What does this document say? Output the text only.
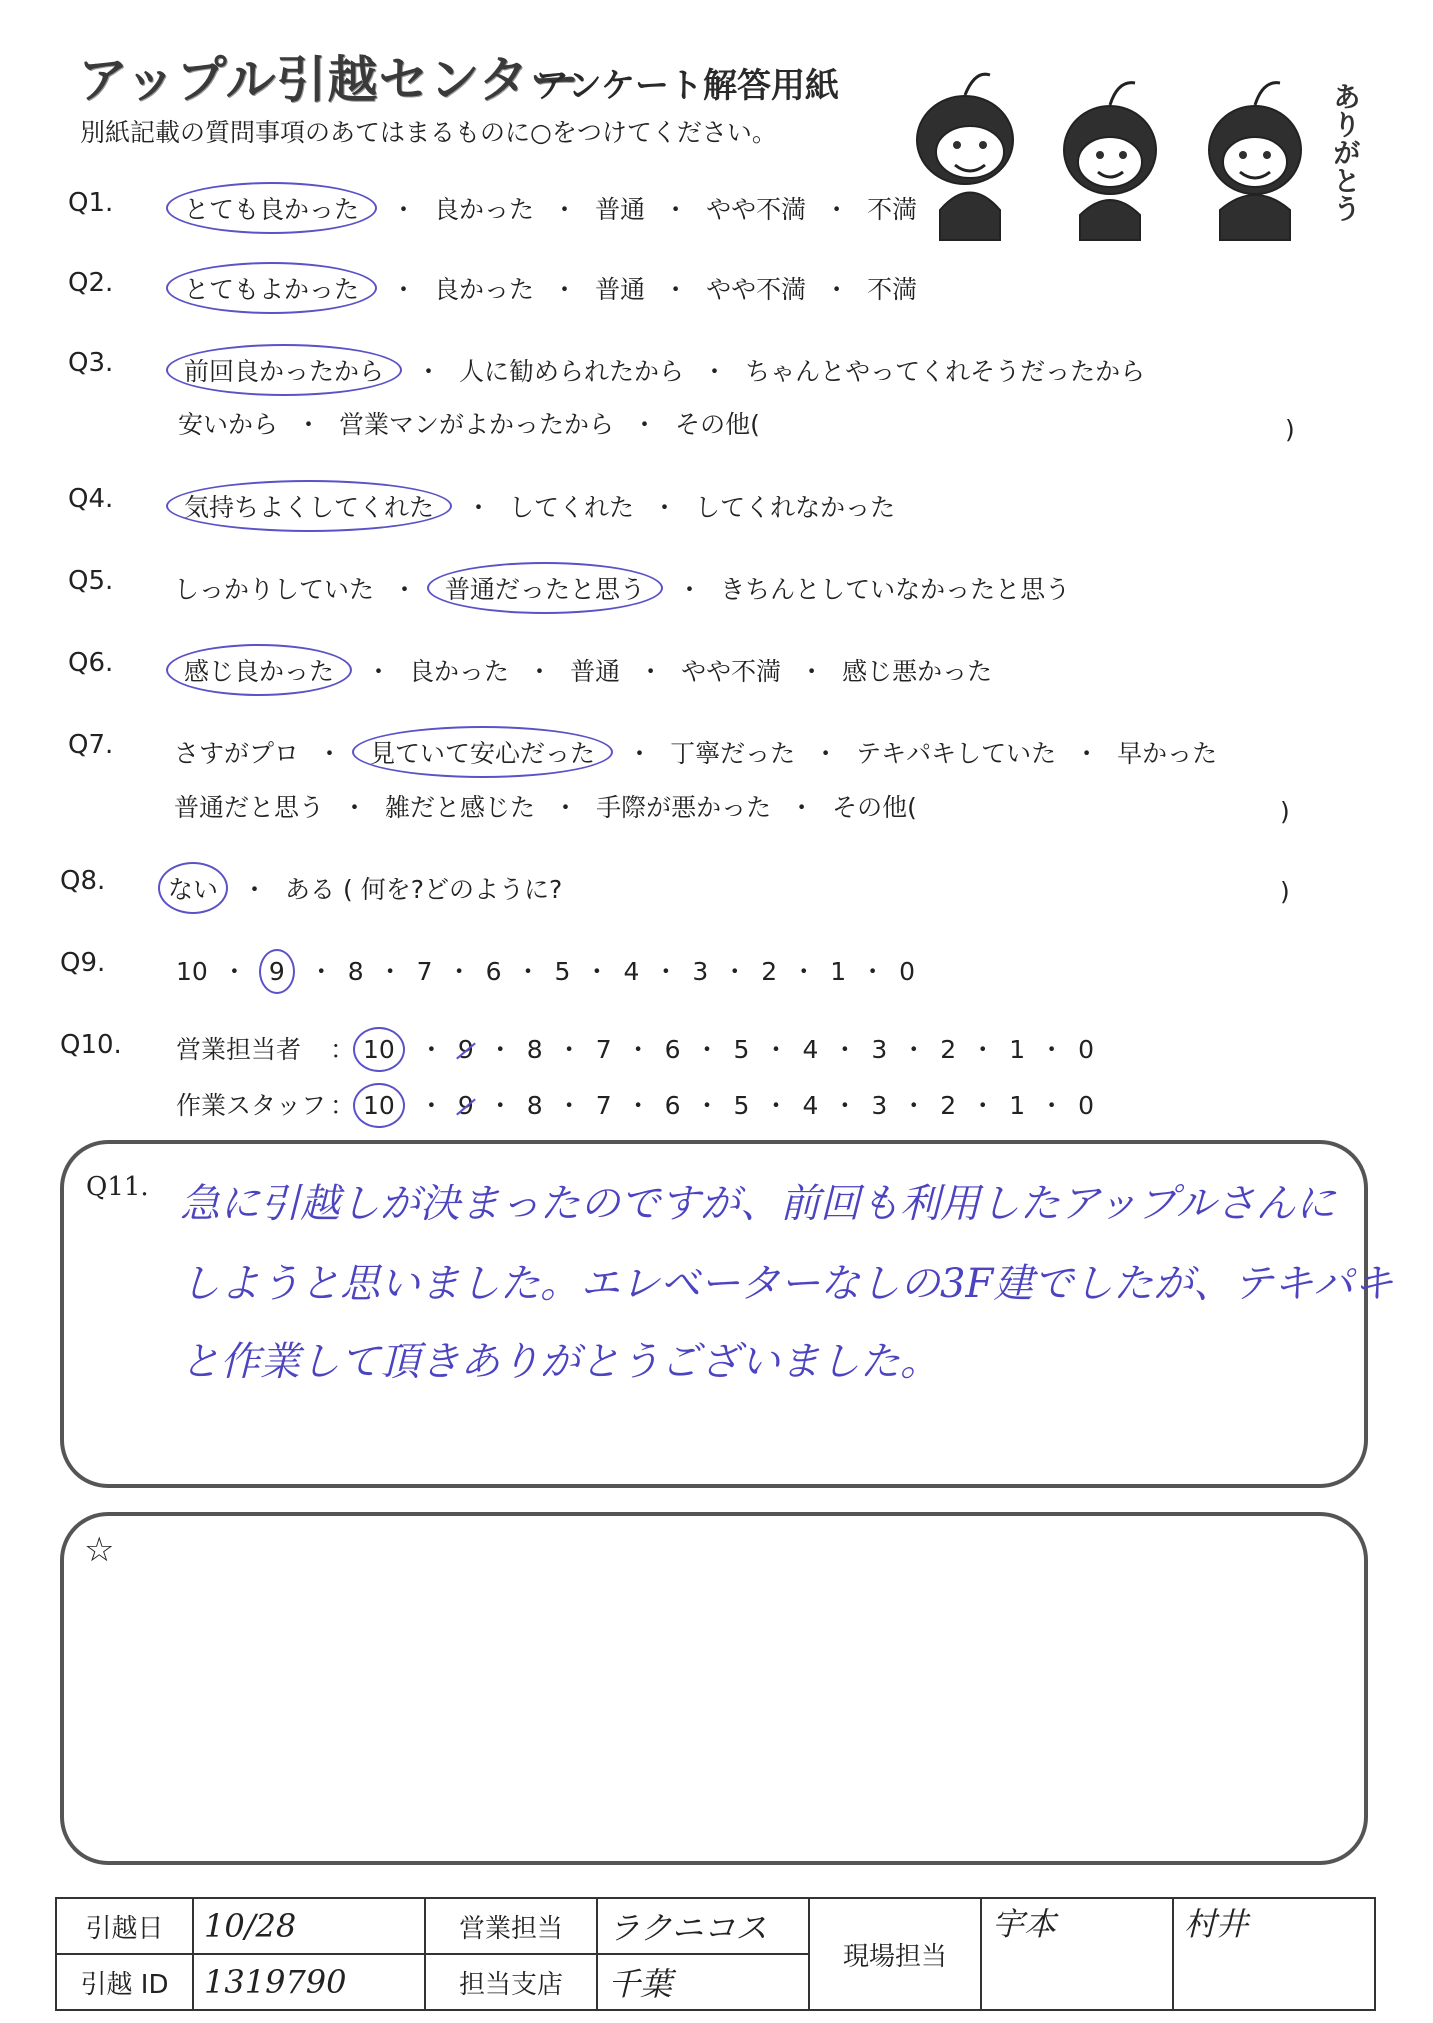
アップル引越センター
アンケート解答用紙
別紙記載の質問事項のあてはまるものに○をつけてください。	ありがとう
Q1.	とても良かった ・ 良かった ・ 普通 ・ やや不満 ・ 不満
Q2.	とてもよかった ・ 良かった ・ 普通 ・ やや不満 ・ 不満
Q3.	前回良かったから ・ 人に勧められたから ・ ちゃんとやってくれそうだったから
安いから ・ 営業マンがよかったから ・ その他(	)
Q4.	気持ちよくしてくれた ・ してくれた ・ してくれなかった
Q5. しっかりしていた ・ 普通だったと思う ・ きちんとしていなかったと思う
Q6.	感じ良かった ・ 良かった ・ 普通 ・ やや不満 ・ 感じ悪かった
Q7. さすがプロ ・ 見ていて安心だった ・ 丁寧だった ・ テキパキしていた ・ 早かった
普通だと思う ・ 雑だと感じた ・ 手際が悪かった ・ その他(	)
Q8.	ない ・ ある ( 何を?どのように?	)
Q9.	10 ・ 9 ・ 8 ・ 7 ・ 6 ・ 5 ・ 4 ・ 3 ・ 2 ・ 1 ・ 0
Q10. 営業担当者 ： 10 ・ 9 ・ 8 ・ 7 ・ 6 ・ 5 ・ 4 ・ 3 ・ 2 ・ 1 ・ 0
作業スタッフ ： 10 ・ 9 ・ 8 ・ 7 ・ 6 ・ 5 ・ 4 ・ 3 ・ 2 ・ 1 ・ 0
Q11. 急に引越しが決まったのですが、前回も利用したアップルさんに
しようと思いました。エレベーターなしの3F建でしたが、テキパキ
と作業して頂きありがとうございました。
☆
引越日	10/28	営業担当	ラクニコス	現場担当	宇本	村井
引越 ID	1319790	担当支店	千葉			
